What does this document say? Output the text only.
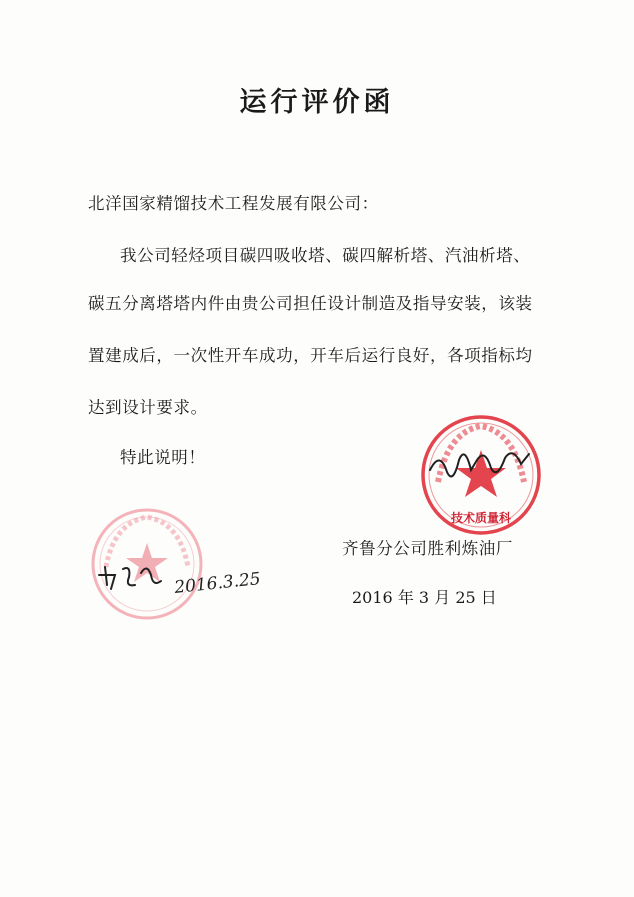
运行评价函
北洋国家精馏技术工程发展有限公司：
我公司轻烃项目碳四吸收塔、碳四解析塔、汽油析塔、
碳五分离塔塔内件由贵公司担任设计制造及指导安装，该装
置建成后，一次性开车成功，开车后运行良好，各项指标均
达到设计要求。
特此说明！
技术质量科
齐鲁分公司胜利炼油厂
2016 年 3 月 25 日
2016.3.25
